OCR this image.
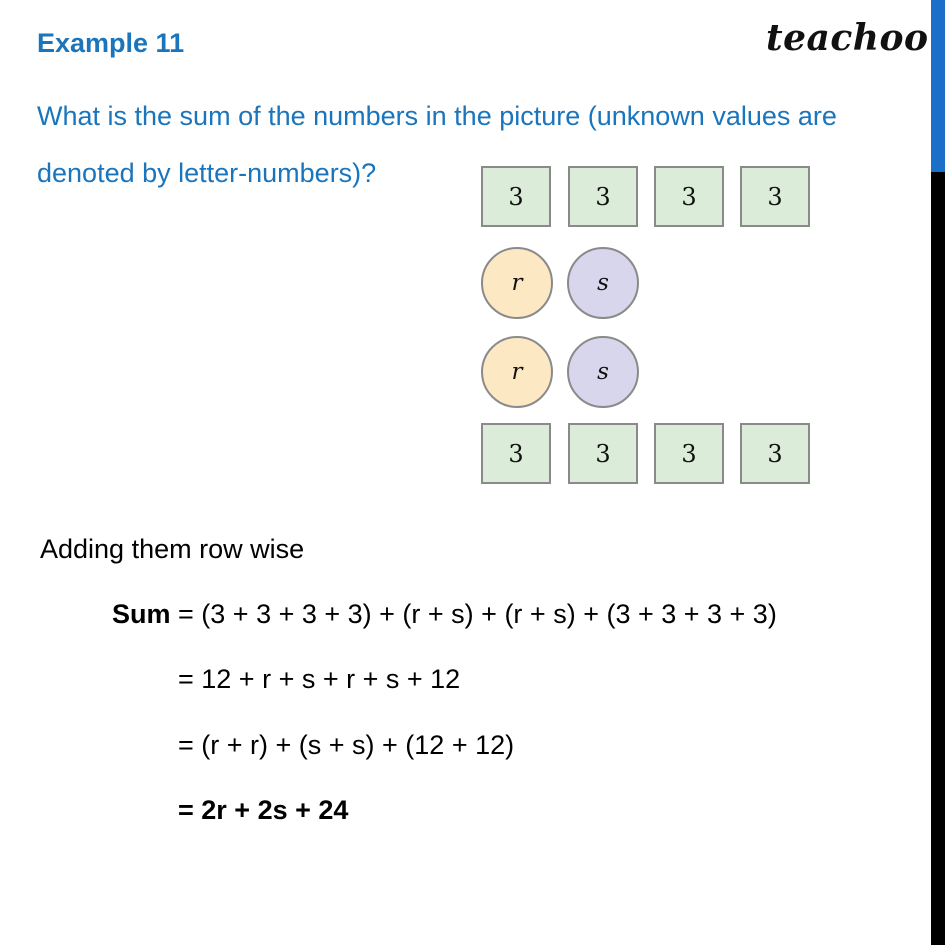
Example 11	teachoo

What is the sum of the numbers in the picture (unknown values are
denoted by letter-numbers)?

3	3	3	3
r	s
r	s
3	3	3	3
Adding them row wise
Sum = (3 + 3 + 3 + 3) + (r + s) + (r + s) + (3 + 3 + 3 + 3)
= 12 + r + s + r + s + 12
= (r + r) + (s + s) + (12 + 12)
= 2r + 2s + 24
